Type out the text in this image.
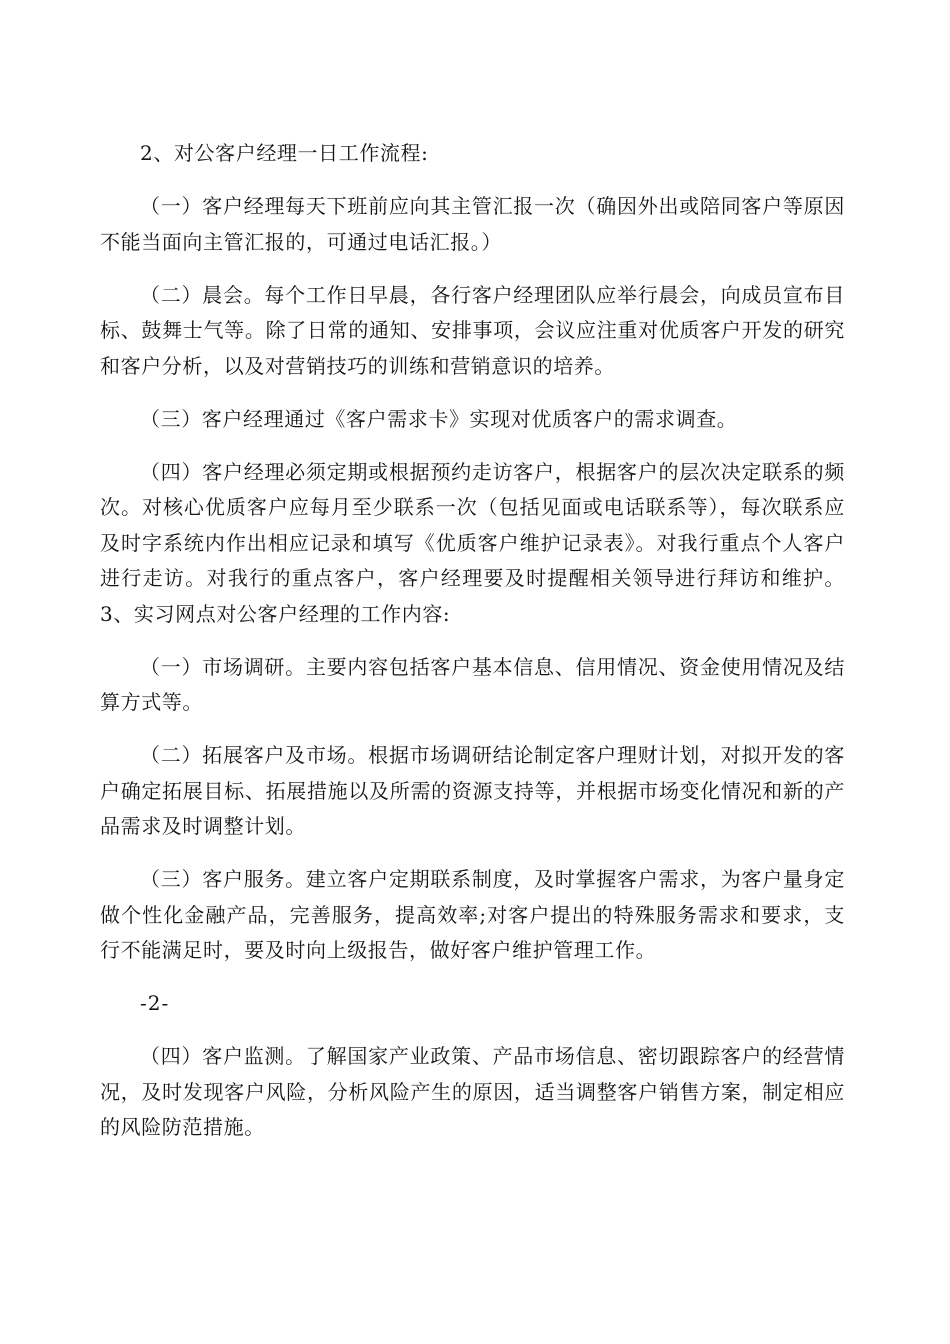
2、对公客户经理一日工作流程:

（一）客户经理每天下班前应向其主管汇报一次（确因外出或陪同客户等原因不能当面向主管汇报的，可通过电话汇报。）

（二）晨会。每个工作日早晨，各行客户经理团队应举行晨会，向成员宣布目标、鼓舞士气等。除了日常的通知、安排事项，会议应注重对优质客户开发的研究和客户分析，以及对营销技巧的训练和营销意识的培养。

（三）客户经理通过《客户需求卡》实现对优质客户的需求调查。

（四）客户经理必须定期或根据预约走访客户，根据客户的层次决定联系的频次。对核心优质客户应每月至少联系一次（包括见面或电话联系等），每次联系应及时字系统内作出相应记录和填写《优质客户维护记录表》。对我行重点个人客户进行走访。对我行的重点客户，客户经理要及时提醒相关领导进行拜访和维护。3、实习网点对公客户经理的工作内容:

（一）市场调研。主要内容包括客户基本信息、信用情况、资金使用情况及结算方式等。

（二）拓展客户及市场。根据市场调研结论制定客户理财计划，对拟开发的客户确定拓展目标、拓展措施以及所需的资源支持等，并根据市场变化情况和新的产品需求及时调整计划。

（三）客户服务。建立客户定期联系制度，及时掌握客户需求，为客户量身定做个性化金融产品，完善服务，提高效率;对客户提出的特殊服务需求和要求，支行不能满足时，要及时向上级报告，做好客户维护管理工作。

-2-

（四）客户监测。了解国家产业政策、产品市场信息、密切跟踪客户的经营情况，及时发现客户风险，分析风险产生的原因，适当调整客户销售方案，制定相应的风险防范措施。
